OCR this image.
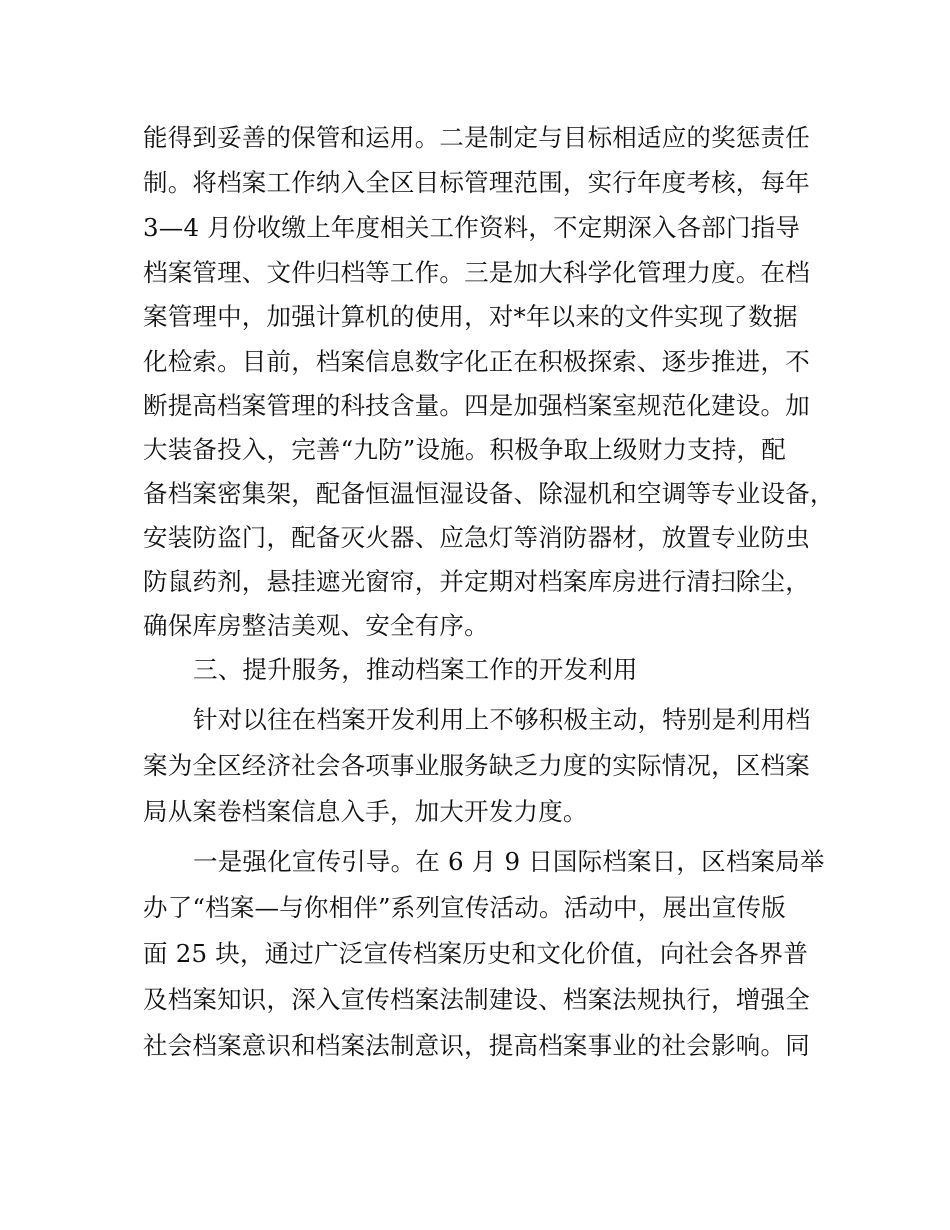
能得到妥善的保管和运用。二是制定与目标相适应的奖惩责任
制。将档案工作纳入全区目标管理范围，实行年度考核，每年
3—4 月份收缴上年度相关工作资料，不定期深入各部门指导
档案管理、文件归档等工作。三是加大科学化管理力度。在档
案管理中，加强计算机的使用，对*年以来的文件实现了数据
化检索。目前，档案信息数字化正在积极探索、逐步推进，不
断提高档案管理的科技含量。四是加强档案室规范化建设。加
大装备投入，完善“九防”设施。积极争取上级财力支持，配
备档案密集架，配备恒温恒湿设备、除湿机和空调等专业设备，
安装防盗门，配备灭火器、应急灯等消防器材，放置专业防虫
防鼠药剂，悬挂遮光窗帘，并定期对档案库房进行清扫除尘，
确保库房整洁美观、安全有序。
三、提升服务，推动档案工作的开发利用
针对以往在档案开发利用上不够积极主动，特别是利用档
案为全区经济社会各项事业服务缺乏力度的实际情况，区档案
局从案卷档案信息入手，加大开发力度。
一是强化宣传引导。在 6 月 9 日国际档案日，区档案局举
办了“档案—与你相伴”系列宣传活动。活动中，展出宣传版
面 25 块，通过广泛宣传档案历史和文化价值，向社会各界普
及档案知识，深入宣传档案法制建设、档案法规执行，增强全
社会档案意识和档案法制意识，提高档案事业的社会影响。同
